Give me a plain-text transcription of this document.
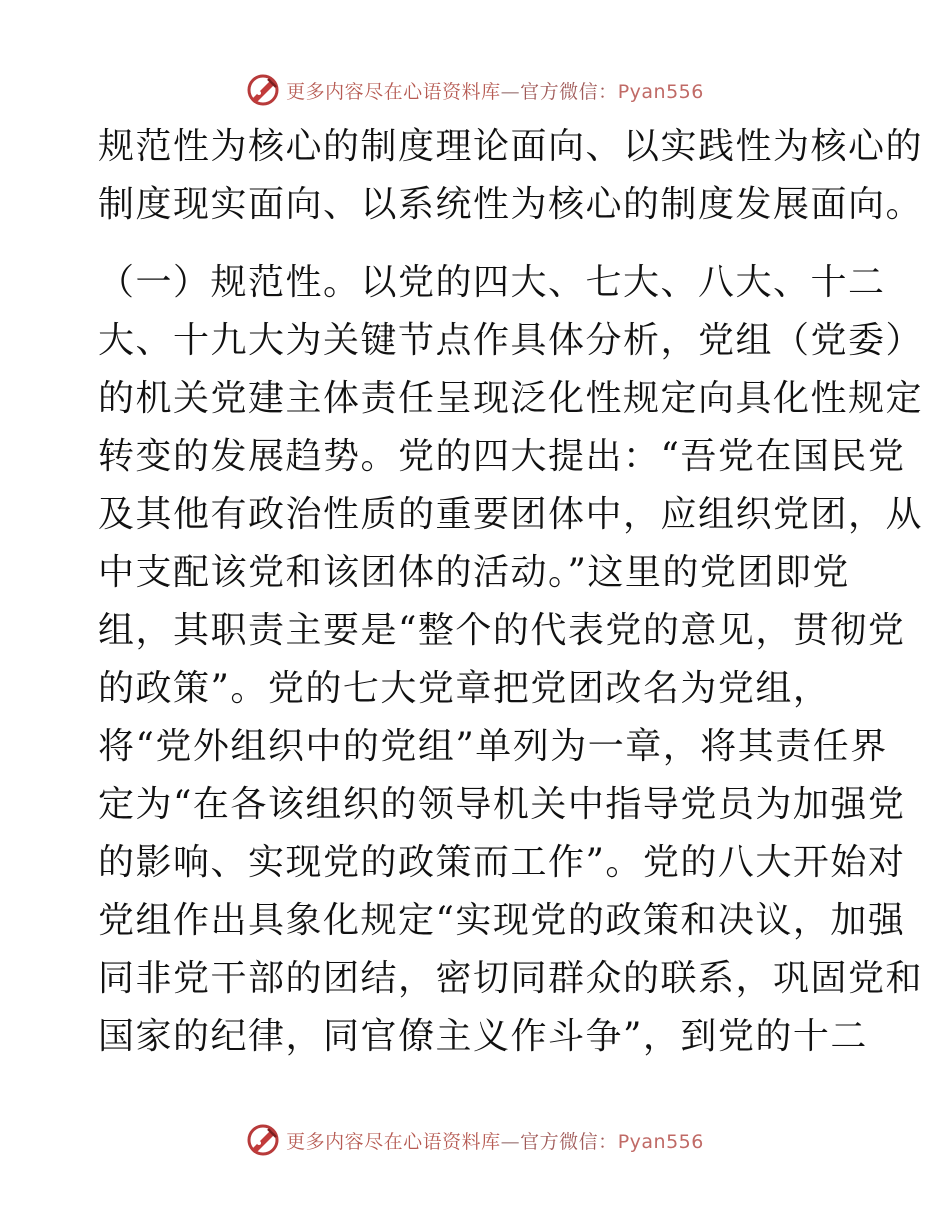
更多内容尽在心语资料库—官方微信：Pyan556
规范性为核心的制度理论面向、以实践性为核心的
制度现实面向、以系统性为核心的制度发展面向。
（一）规范性。以党的四大、七大、八大、十二
大、十九大为关键节点作具体分析，党组（党委）
的机关党建主体责任呈现泛化性规定向具化性规定
转变的发展趋势。党的四大提出：“吾党在国民党
及其他有政治性质的重要团体中，应组织党团，从
中支配该党和该团体的活动。”这里的党团即党
组，其职责主要是“整个的代表党的意见，贯彻党
的政策”。党的七大党章把党团改名为党组，
将“党外组织中的党组”单列为一章，将其责任界
定为“在各该组织的领导机关中指导党员为加强党
的影响、实现党的政策而工作”。党的八大开始对
党组作出具象化规定“实现党的政策和决议，加强
同非党干部的团结，密切同群众的联系，巩固党和
国家的纪律，同官僚主义作斗争”，到党的十二
更多内容尽在心语资料库—官方微信：Pyan556
